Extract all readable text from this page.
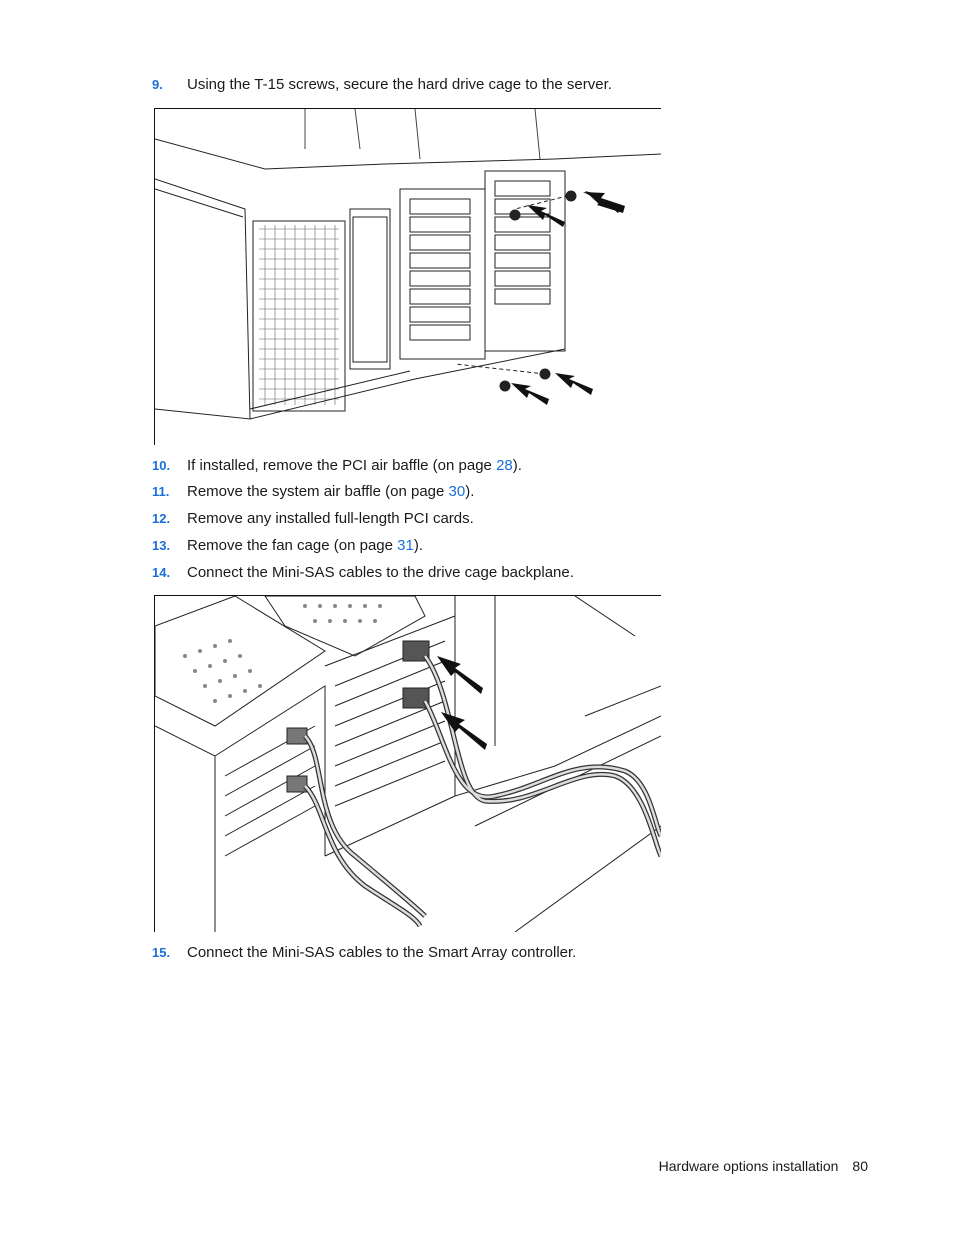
9. Using the T-15 screws, secure the hard drive cage to the server.
10. If installed, remove the PCI air baffle (on page 28).
11. Remove the system air baffle (on page 30).
12. Remove any installed full-length PCI cards.
13. Remove the fan cage (on page 31).
14. Connect the Mini-SAS cables to the drive cage backplane.
15. Connect the Mini-SAS cables to the Smart Array controller.
Hardware options installation 80
